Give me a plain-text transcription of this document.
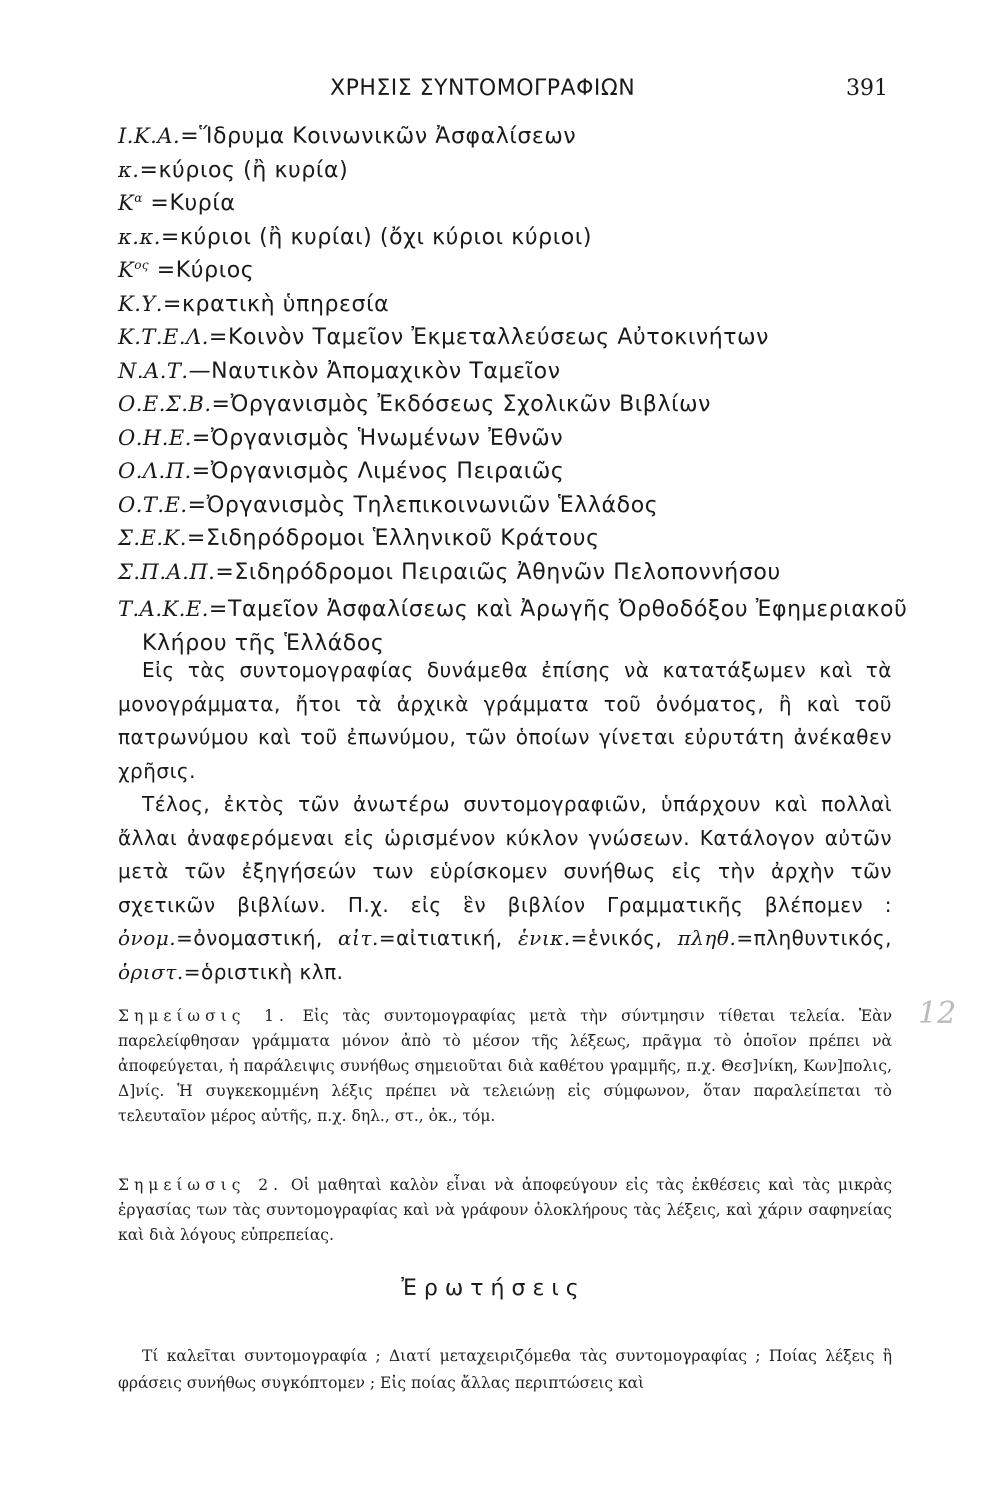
ΧΡΗΣΙΣ ΣΥΝΤΟΜΟΓΡΑΦΙΩΝ	391
Ι.Κ.Α.=Ἵδρυμα Κοινωνικῶν Ἀσφαλίσεων
κ.=κύριος (ἢ κυρία)
$K^\alpha =K\upsilon\rho ί\alpha$
κ.κ.=κύριοι (ἢ κυρίαι) (ὄχι κύριοι κύριοι)
$K^{o\varsigma} =Kύ\rho\iota o\varsigma$
Κ.Υ.=κρατικὴ ὑπηρεσία
Κ.Τ.Ε.Λ.=Κοινὸν Ταμεῖον Ἐκμεταλλεύσεως Αὐτοκινήτων
Ν.Α.Τ.—Ναυτικὸν Ἀπομαχικὸν Ταμεῖον
Ο.Ε.Σ.Β.=Ὀργανισμὸς Ἐκδόσεως Σχολικῶν Βιβλίων
Ο.Η.Ε.=Ὀργανισμὸς Ἡνωμένων Ἐθνῶν
Ο.Λ.Π.=Ὀργανισμὸς Λιμένος Πειραιῶς
Ο.Τ.Ε.=Ὀργανισμὸς Τηλεπικοινωνιῶν Ἑλλάδος
Σ.Ε.Κ.=Σιδηρόδρομοι Ἑλληνικοῦ Κράτους
Σ.Π.Α.Π.=Σιδηρόδρομοι Πειραιῶς Ἀθηνῶν Πελοποννήσου
Τ.Α.Κ.Ε.=Ταμεῖον Ἀσφαλίσεως καὶ Ἀρωγῆς Ὀρθοδόξου Ἐφημεριακοῦ Κλήρου τῆς Ἑλλάδος
Εἰς τὰς συντομογραφίας δυνάμεθα ἐπίσης νὰ κατατάξωμεν καὶ τὰ μονογράμματα, ἤτοι τὰ ἀρχικὰ γράμματα τοῦ ὀνόματος, ἢ καὶ τοῦ πατρωνύμου καὶ τοῦ ἐπωνύμου, τῶν ὁποίων γίνεται εὐρυτάτη ἀνέκαθεν χρῆσις.
Τέλος, ἐκτὸς τῶν ἀνωτέρω συντομογραφιῶν, ὑπάρχουν καὶ πολλαὶ ἄλλαι ἀναφερόμεναι εἰς ὡρισμένον κύκλον γνώσεων. Κατάλογον αὐτῶν μετὰ τῶν ἐξηγήσεών των εὑρίσκομεν συνήθως εἰς τὴν ἀρχὴν τῶν σχετικῶν βιβλίων. Π.χ. εἰς ἓν βιβλίον Γραμματικῆς βλέπομεν : ὀνομ.=ὀνομαστική, αἰτ.=αἰτιατική, ἑνικ.=ἑνικός, πληθ.=πληθυντικός, ὁριστ.=ὁριστικὴ κλπ.
Σημείωσις 1. Εἰς τὰς συντομογραφίας μετὰ τὴν σύντμησιν τίθεται τελεία. Ἐὰν παρελείφθησαν γράμματα μόνον ἀπὸ τὸ μέσον τῆς λέξεως, πρᾶγμα τὸ ὁποῖον πρέπει νὰ ἀποφεύγεται, ἡ παράλειψις συνήθως σημειοῦται διὰ καθέτου γραμμῆς, π.χ. Θεσ]νίκη, Κων]πολις, Δ]νίς. Ἡ συγκεκομμένη λέξις πρέπει νὰ τελειώνῃ εἰς σύμφωνον, ὅταν παραλείπεται τὸ τελευταῖον μέρος αὐτῆς, π.χ. δηλ., στ., ὀκ., τόμ.
12
Σημείωσις 2. Οἱ μαθηταὶ καλὸν εἶναι νὰ ἀποφεύγουν εἰς τὰς ἐκθέσεις καὶ τὰς μικρὰς ἐργασίας των τὰς συντομογραφίας καὶ νὰ γράφουν ὁλοκλήρους τὰς λέξεις, καὶ χάριν σαφηνείας καὶ διὰ λόγους εὐπρεπείας.
Ἐρωτήσεις
Τί καλεῖται συντομογραφία ; Διατί μεταχειριζόμεθα τὰς συντομογραφίας ; Ποίας λέξεις ἢ φράσεις συνήθως συγκόπτομεν ; Εἰς ποίας ἄλλας περιπτώσεις καὶ
